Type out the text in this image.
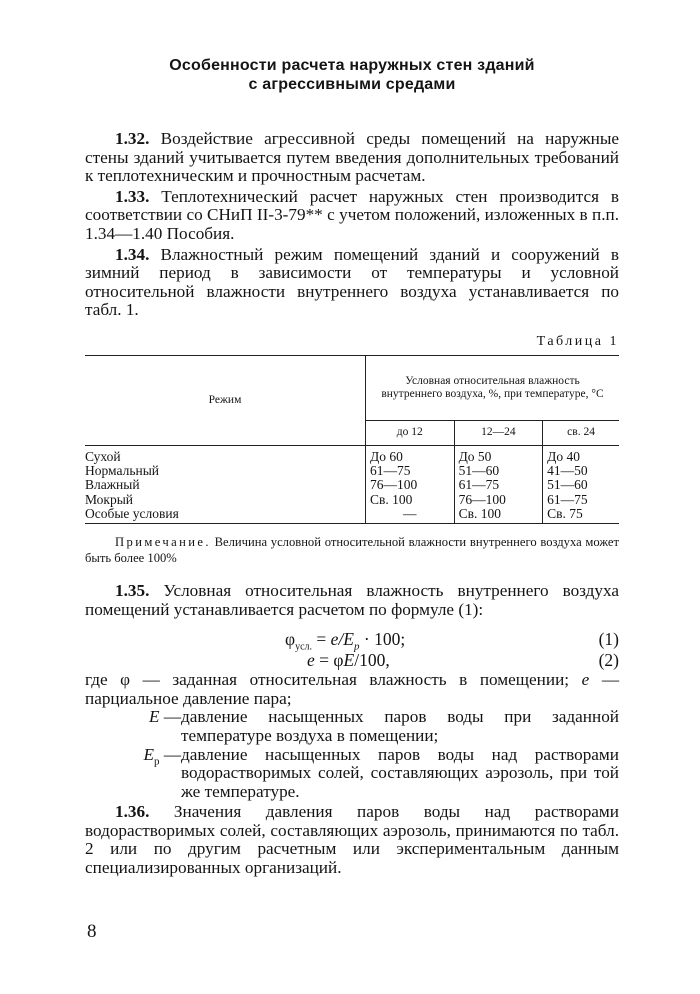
Особенности расчета наружных стен зданий
с агрессивными средами

1.32. Воздействие агрессивной среды помещений на наружные стены зданий учитывается путем введения дополнительных требований к теплотехническим и прочностным расчетам.

1.33. Теплотехнический расчет наружных стен производится в соответствии со СНиП II-3-79** с учетом положений, изложенных в п.п. 1.34—1.40 Пособия.

1.34. Влажностный режим помещений зданий и сооружений в зимний период в зависимости от температуры и условной относительной влажности внутреннего воздуха устанавливается по табл. 1.

Таблица 1
Режим	Условная относительная влажность внутреннего воздуха, %, при температуре, °С		

	до 12	12—24	св. 24
Сухой	До 60	До 50	До 40
Нормальный	61—75	51—60	41—50
Влажный	76—100	61—75	51—60
Мокрый	Св. 100	76—100	61—75
Особые условия	—	Св. 100	Св. 75
Примечание. Величина условной относительной влажности внутреннего воздуха может быть более 100%

1.35. Условная относительная влажность внутреннего воздуха помещений устанавливается расчетом по формуле (1):

$\varphi_{усл.} = e/E_p \cdot 100$;	(1)
e = φE/100,	(2)

где φ — заданная относительная влажность в помещении; e — парциальное давление пара;

E — давление насыщенных паров воды при заданной температуре воздуха в помещении;
$E_р$ — давление насыщенных паров воды над растворами водорастворимых солей, составляющих аэрозоль, при той же температуре.

1.36. Значения давления паров воды над растворами водорастворимых солей, составляющих аэрозоль, принимаются по табл. 2 или по другим расчетным или экспериментальным данным специализированных организаций.

8
